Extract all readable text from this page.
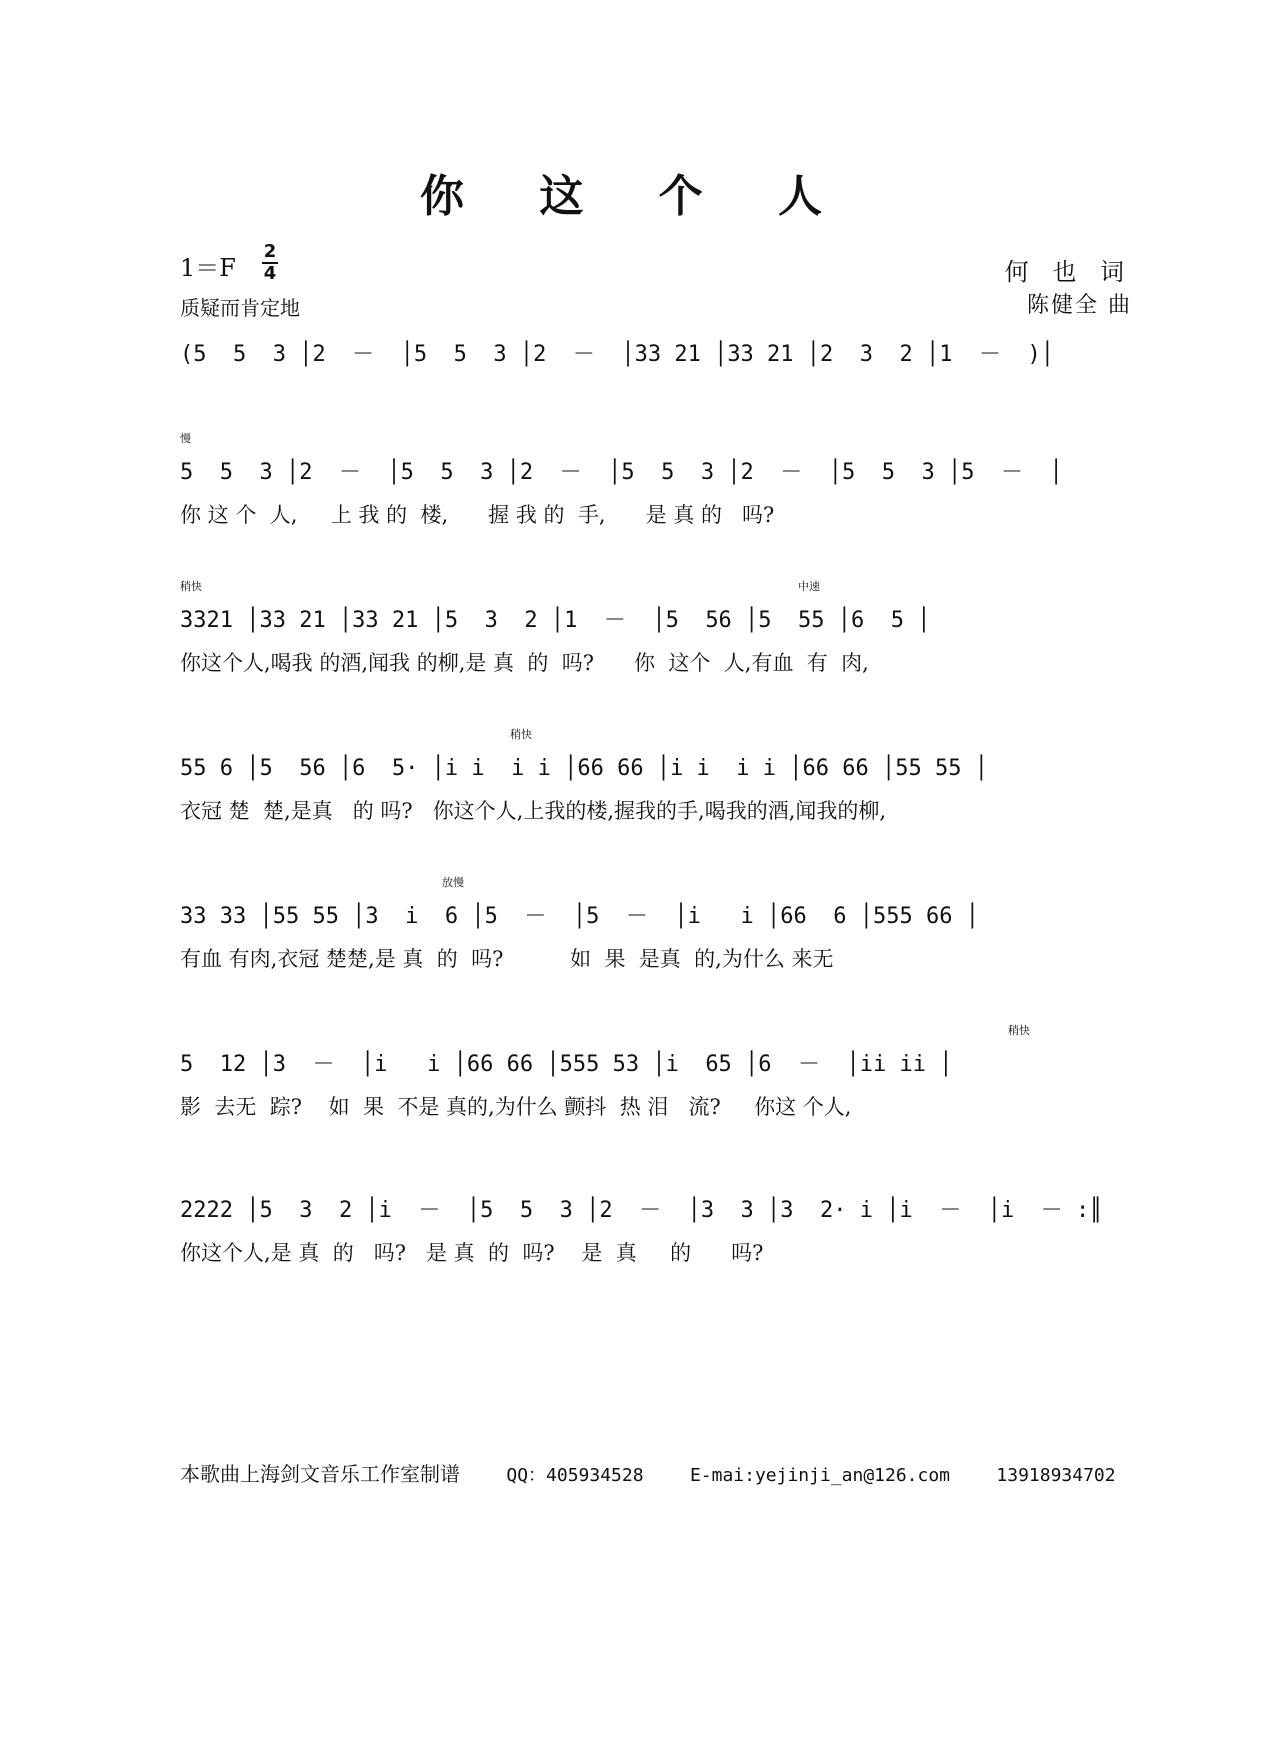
你 这 个 人
1＝F
2
4
质疑而肯定地
何 也 词
陈健全 曲
(5  5  3 │2  －  │5  5  3 │2  －  │33 21 │33 21 │2  3  2 │1  －  )│
慢
5  5  3 │2  －  │5  5  3 │2  －  │5  5  3 │2  －  │5  5  3 │5  －  │
你 这 个  人,     上 我 的  楼,      握 我 的  手,      是 真 的   吗?
稍快	中速
3321 │33 21 │33 21 │5  3  2 │1  －  │5  56 │5  55 │6  5 │
你这个人,喝我 的酒,闻我 的柳,是 真  的  吗?      你  这个  人,有血  有  肉,
稍快
55 6 │5  56 │6  5· │i i  i i │66 66 │i i  i i │66 66 │55 55 │
衣冠 楚  楚,是真   的 吗?   你这个人,上我的楼,握我的手,喝我的酒,闻我的柳,
放慢
33 33 │55 55 │3  i  6 │5  －  │5  －  │i   i │66  6 │555 66 │
有血 有肉,衣冠 楚楚,是 真  的  吗?          如  果  是真  的,为什么 来无
稍快
5  12 │3  －  │i   i │66 66 │555 53 │i  65 │6  －  │ii ii │
影  去无  踪?    如  果  不是 真的,为什么 颤抖  热 泪   流?     你这 个人,
2222 │5  3  2 │i  －  │5  5  3 │2  －  │3  3 │3  2· i │i  －  │i  － :║
你这个人,是 真  的   吗?   是 真  的  吗?    是  真     的      吗?
本歌曲上海剑文音乐工作室制谱	QQ：405934528	E-mai:yejinji_an@126.com	13918934702
